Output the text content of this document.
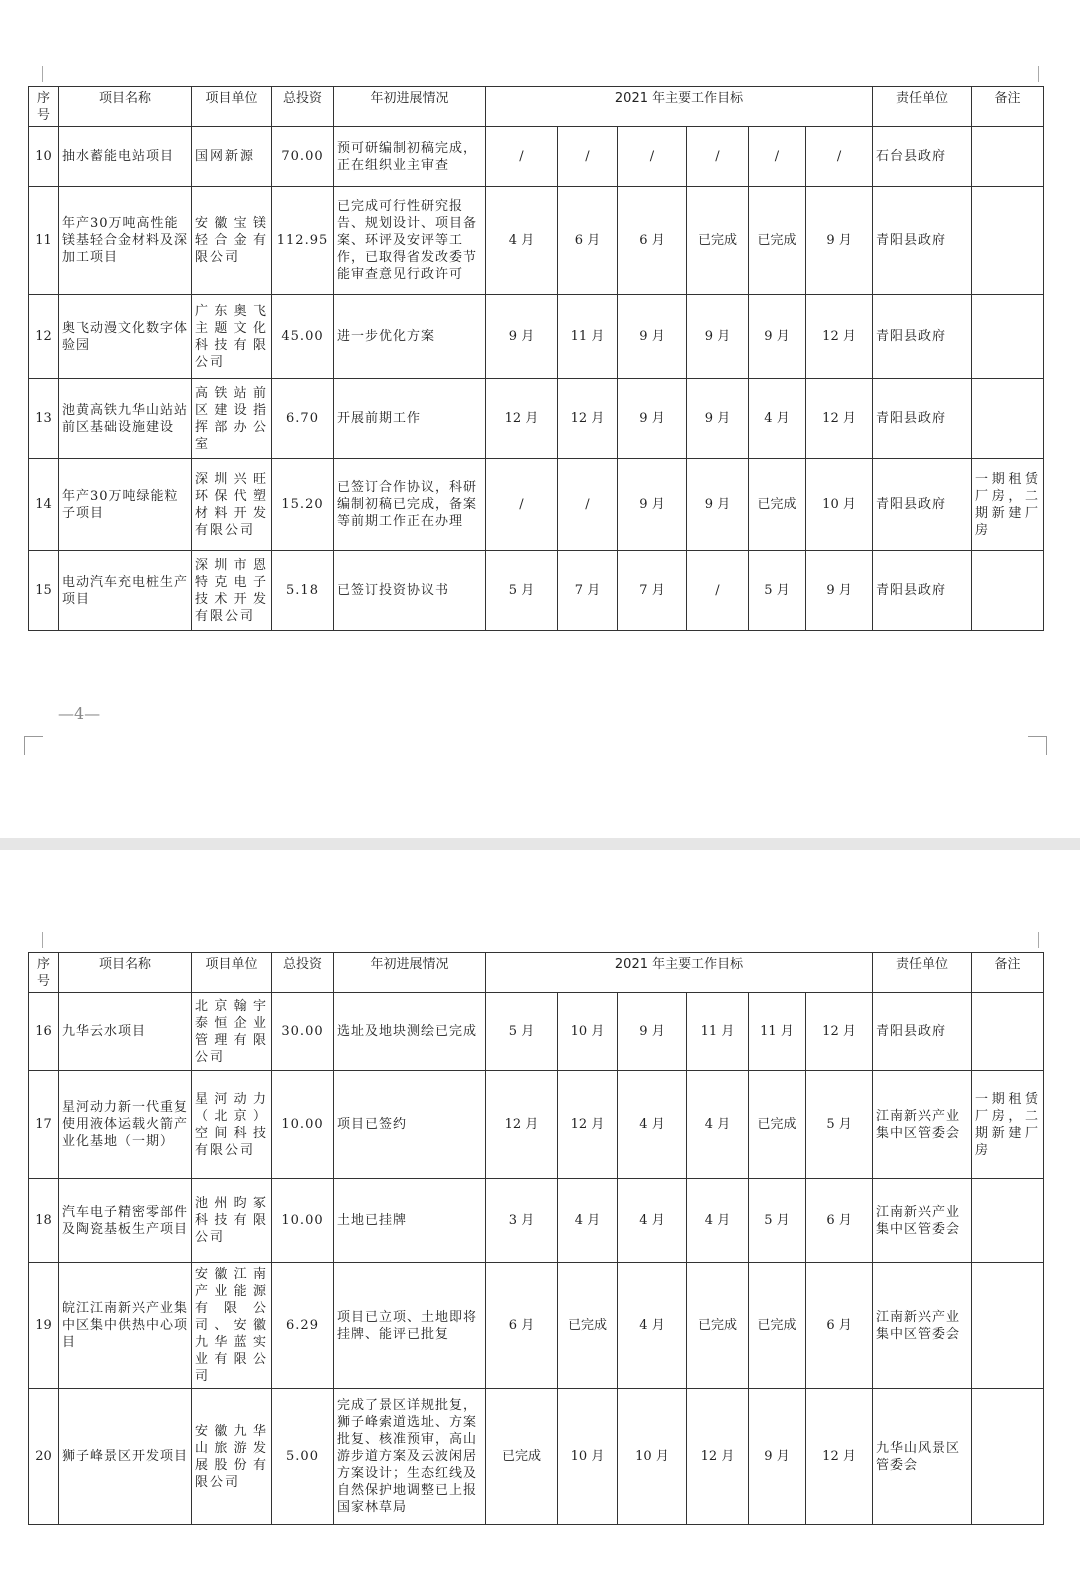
序号	项目名称	项目单位	总投资	年初进展情况	2021 年主要工作目标						责任单位	备注
10	抽水蓄能电站项目	国网新源	70.00	预可研编制初稿完成，正在组织业主审查	/	/	/	/	/	/	石台县政府	
11	年产30万吨高性能镁基轻合金材料及深加工项目	安徽宝镁轻合金有限公司	112.95	已完成可行性研究报告、规划设计、项目备案、环评及安评等工作，已取得省发改委节能审查意见行政许可	4 月	6 月	6 月	已完成	已完成	9 月	青阳县政府	
12	奥飞动漫文化数字体验园	广东奥飞主题文化科技有限公司	45.00	进一步优化方案	9 月	11 月	9 月	9 月	9 月	12 月	青阳县政府	
13	池黄高铁九华山站站前区基础设施建设	高铁站前区建设指挥部办公室	6.70	开展前期工作	12 月	12 月	9 月	9 月	4 月	12 月	青阳县政府	
14	年产30万吨绿能粒子项目	深圳兴旺环保代塑材料开发有限公司	15.20	已签订合作协议，科研编制初稿已完成，备案等前期工作正在办理	/	/	9 月	9 月	已完成	10 月	青阳县政府	一期租赁厂房，二期新建厂房
15	电动汽车充电桩生产项目	深圳市恩特克电子技术开发有限公司	5.18	已签订投资协议书	5 月	7 月	7 月	/	5 月	9 月	青阳县政府	
—4—
序号	项目名称	项目单位	总投资	年初进展情况	2021 年主要工作目标						责任单位	备注
16	九华云水项目	北京翰宇泰恒企业管理有限公司	30.00	选址及地块测绘已完成	5 月	10 月	9 月	11 月	11 月	12 月	青阳县政府	
17	星河动力新一代重复使用液体运载火箭产业化基地（一期）	星河动力（北京）空间科技有限公司	10.00	项目已签约	12 月	12 月	4 月	4 月	已完成	5 月	江南新兴产业集中区管委会	一期租赁厂房，二期新建厂房
18	汽车电子精密零部件及陶瓷基板生产项目	池州昀冢科技有限公司	10.00	土地已挂牌	3 月	4 月	4 月	4 月	5 月	6 月	江南新兴产业集中区管委会	
19	皖江江南新兴产业集中区集中供热中心项目	安徽江南产业能源有限公司、安徽九华蓝实业有限公司	6.29	项目已立项、土地即将挂牌、能评已批复	6 月	已完成	4 月	已完成	已完成	6 月	江南新兴产业集中区管委会	
20	狮子峰景区开发项目	安徽九华山旅游发展股份有限公司	5.00	完成了景区详规批复，狮子峰索道选址、方案批复、核准预审，高山游步道方案及云波闲居方案设计；生态红线及自然保护地调整已上报国家林草局	已完成	10 月	10 月	12 月	9 月	12 月	九华山风景区管委会	
